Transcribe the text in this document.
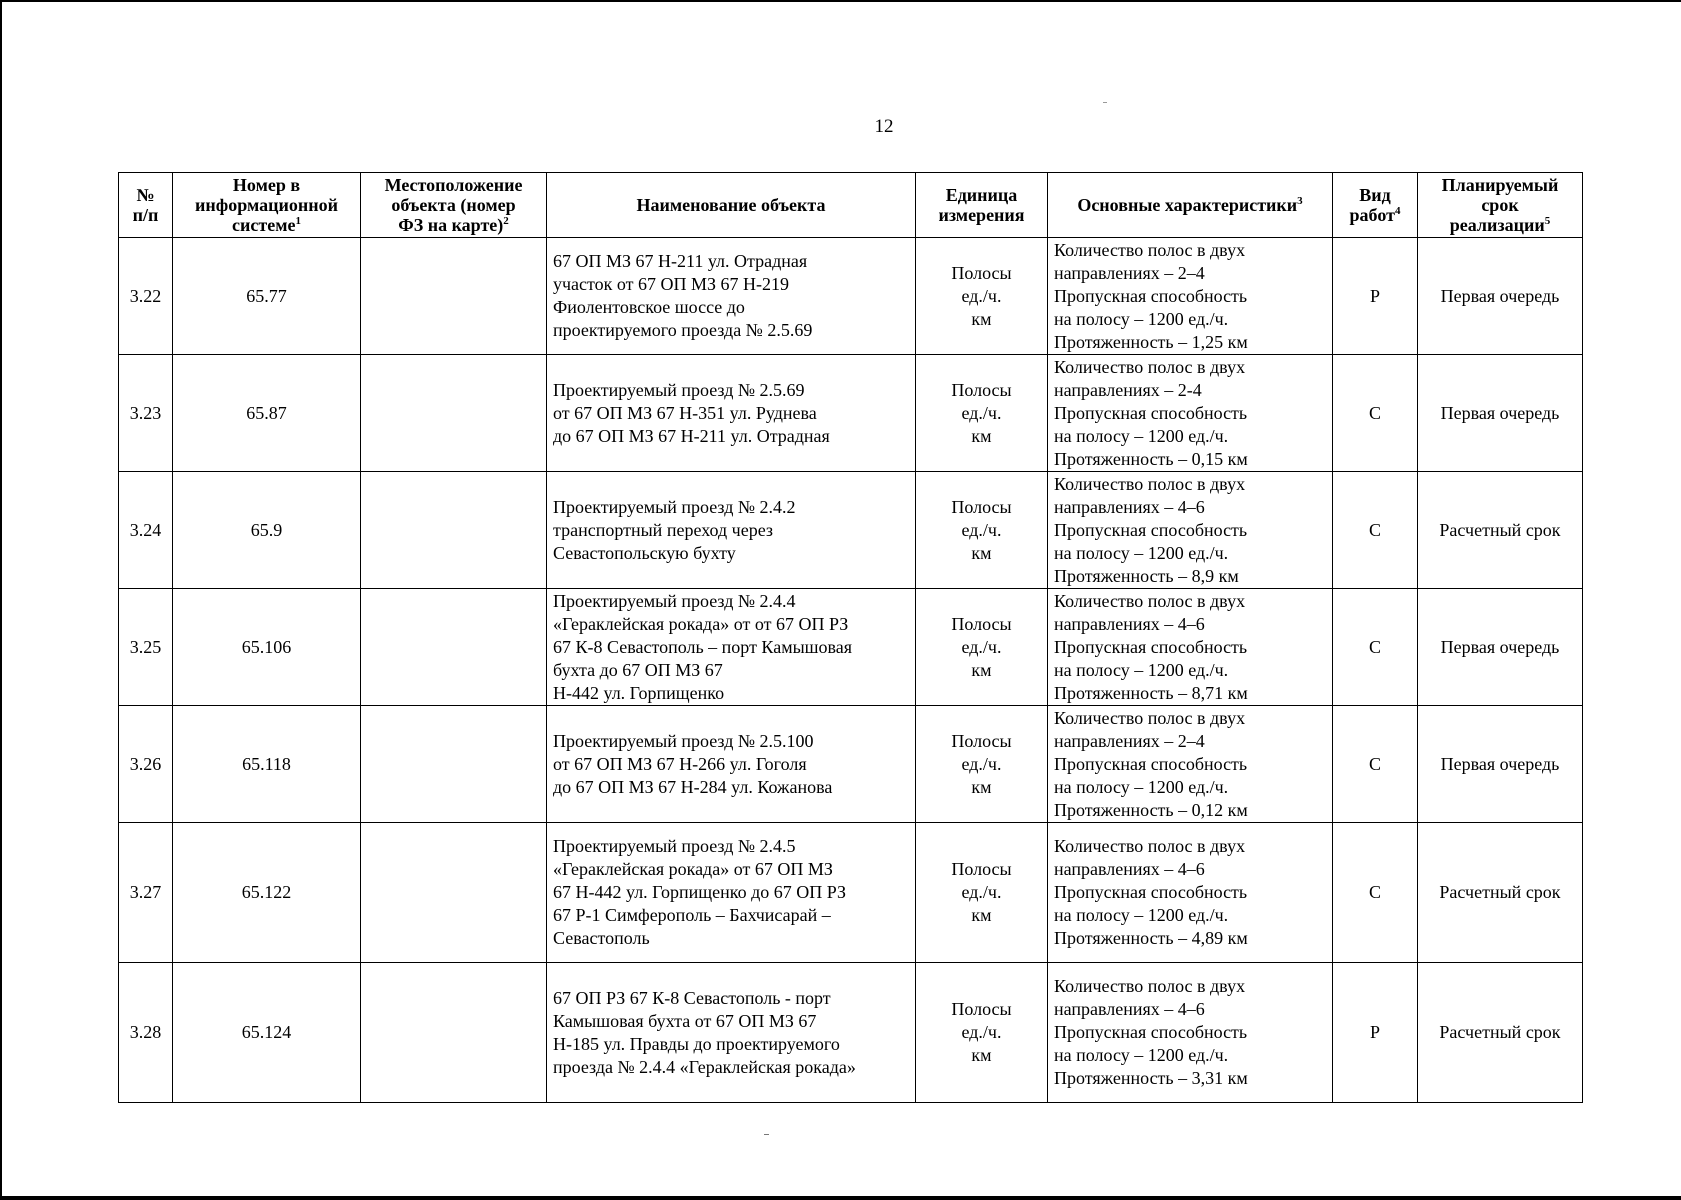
12
№
п/п	Номер в
информационной
системе$^1$	Местоположение
объекта (номер
ФЗ на карте)$^2$	Наименование объекта	Единица
измерения	Основные характеристики$^3$	Вид
работ$^4$	Планируемый
срок
реализации$^5$

3.22	65.77		67 ОП МЗ 67 Н-211 ул. Отрадная
участок от 67 ОП МЗ 67 Н-219
Фиолентовское шоссе до
проектируемого проезда № 2.5.69	Полосы
ед./ч.
км	Количество полос в двух
направлениях – 2–4
Пропускная способность
на полосу – 1200 ед./ч.
Протяженность – 1,25 км	Р	Первая очередь
3.23	65.87		Проектируемый проезд № 2.5.69
от 67 ОП МЗ 67 Н-351 ул. Руднева
до 67 ОП МЗ 67 Н-211 ул. Отрадная	Полосы
ед./ч.
км	Количество полос в двух
направлениях – 2-4
Пропускная способность
на полосу – 1200 ед./ч.
Протяженность – 0,15 км	С	Первая очередь
3.24	65.9		Проектируемый проезд № 2.4.2
транспортный переход через
Севастопольскую бухту	Полосы
ед./ч.
км	Количество полос в двух
направлениях – 4–6
Пропускная способность
на полосу – 1200 ед./ч.
Протяженность – 8,9 км	С	Расчетный срок
3.25	65.106		Проектируемый проезд № 2.4.4
«Гераклейская рокада» от от 67 ОП РЗ
67 К-8 Севастополь – порт Камышовая
бухта до 67 ОП МЗ 67
Н-442 ул. Горпищенко	Полосы
ед./ч.
км	Количество полос в двух
направлениях – 4–6
Пропускная способность
на полосу – 1200 ед./ч.
Протяженность – 8,71 км	С	Первая очередь
3.26	65.118		Проектируемый проезд № 2.5.100
от 67 ОП МЗ 67 Н-266 ул. Гоголя
до 67 ОП МЗ 67 Н-284 ул. Кожанова	Полосы
ед./ч.
км	Количество полос в двух
направлениях – 2–4
Пропускная способность
на полосу – 1200 ед./ч.
Протяженность – 0,12 км	С	Первая очередь
3.27	65.122		Проектируемый проезд № 2.4.5
«Гераклейская рокада» от 67 ОП МЗ
67 Н-442 ул. Горпищенко до 67 ОП РЗ
67 Р-1 Симферополь – Бахчисарай –
Севастополь	Полосы
ед./ч.
км	Количество полос в двух
направлениях – 4–6
Пропускная способность
на полосу – 1200 ед./ч.
Протяженность – 4,89 км	С	Расчетный срок
3.28	65.124		67 ОП РЗ 67 К-8 Севастополь - порт
Камышовая бухта от 67 ОП МЗ 67
Н-185 ул. Правды до проектируемого
проезда № 2.4.4 «Гераклейская рокада»	Полосы
ед./ч.
км	Количество полос в двух
направлениях – 4–6
Пропускная способность
на полосу – 1200 ед./ч.
Протяженность – 3,31 км	Р	Расчетный срок
